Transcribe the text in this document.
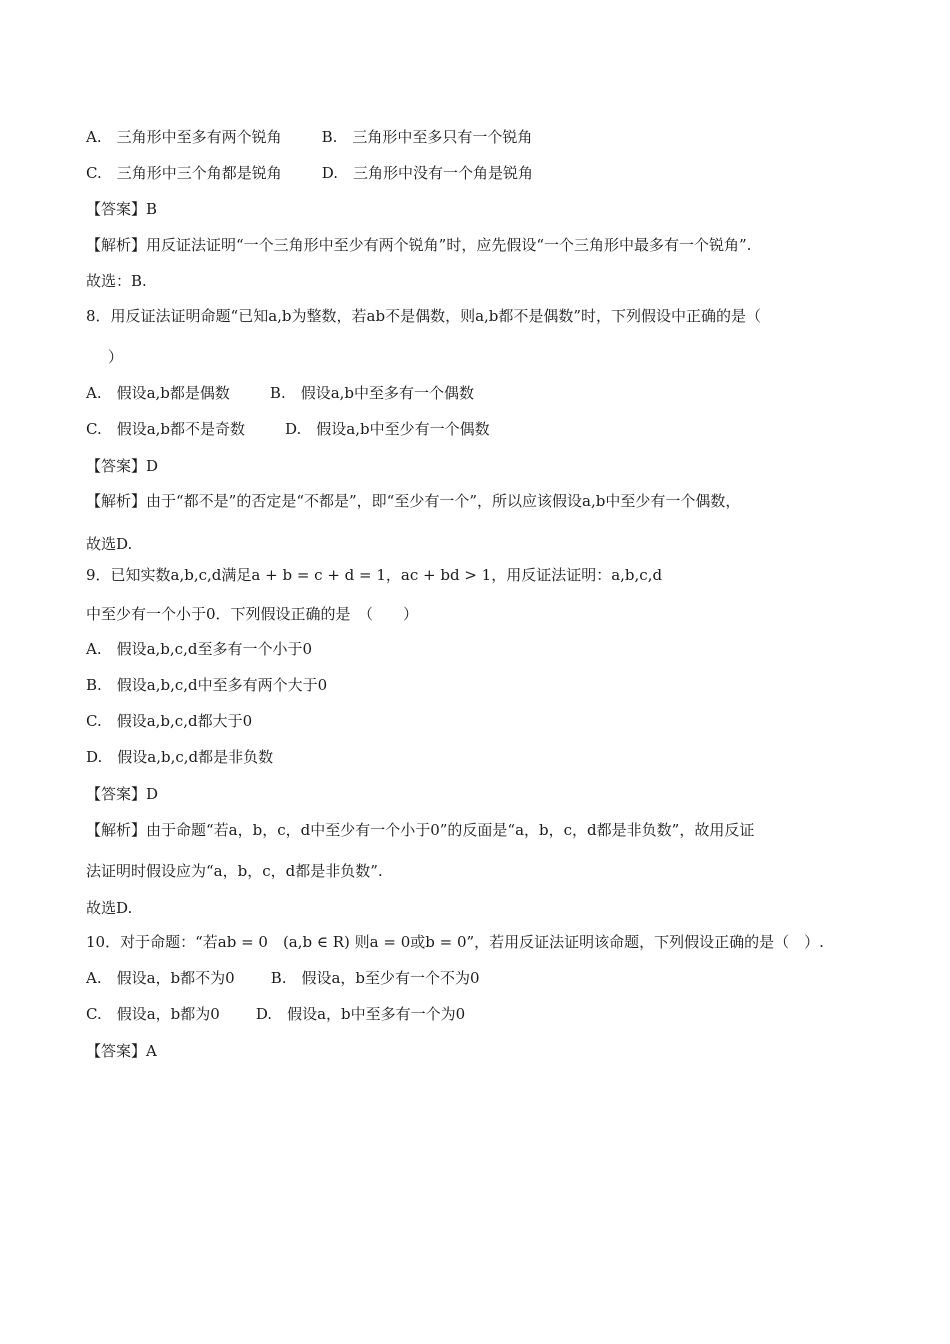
A.　三角形中至多有两个锐角	B.　三角形中至多只有一个锐角
C.　三角形中三个角都是锐角	D.　三角形中没有一个角是锐角
【答案】B
【解析】用反证法证明“一个三角形中至少有两个锐角”时，应先假设“一个三角形中最多有一个锐角”.
故选：B.
8．用反证法证明命题“已知a,b为整数，若ab不是偶数，则a,b都不是偶数”时，下列假设中正确的是（
）
A.　假设a,b都是偶数	B.　假设a,b中至多有一个偶数
C.　假设a,b都不是奇数	D.　假设a,b中至少有一个偶数
【答案】D
【解析】由于“都不是”的否定是“不都是”，即“至少有一个”，所以应该假设a,b中至少有一个偶数，
故选D.
9．已知实数a,b,c,d满足a + b = c + d = 1，ac + bd > 1，用反证法证明：a,b,c,d
中至少有一个小于0．下列假设正确的是　（　　）
A.　假设a,b,c,d至多有一个小于0
B.　假设a,b,c,d中至多有两个大于0
C.　假设a,b,c,d都大于0
D.　假设a,b,c,d都是非负数
【答案】D
【解析】由于命题“若a，b，c，d中至少有一个小于0”的反面是“a，b，c，d都是非负数”，故用反证
法证明时假设应为“a，b，c，d都是非负数”.
故选D.
10．对于命题：“若ab = 0　(a,b ∈ R) 则a = 0或b = 0”，若用反证法证明该命题，下列假设正确的是（　）.
A.　假设a，b都不为0 B.　假设a，b至少有一个不为0
C.　假设a，b都为0 D.　假设a，b中至多有一个为0
【答案】A
